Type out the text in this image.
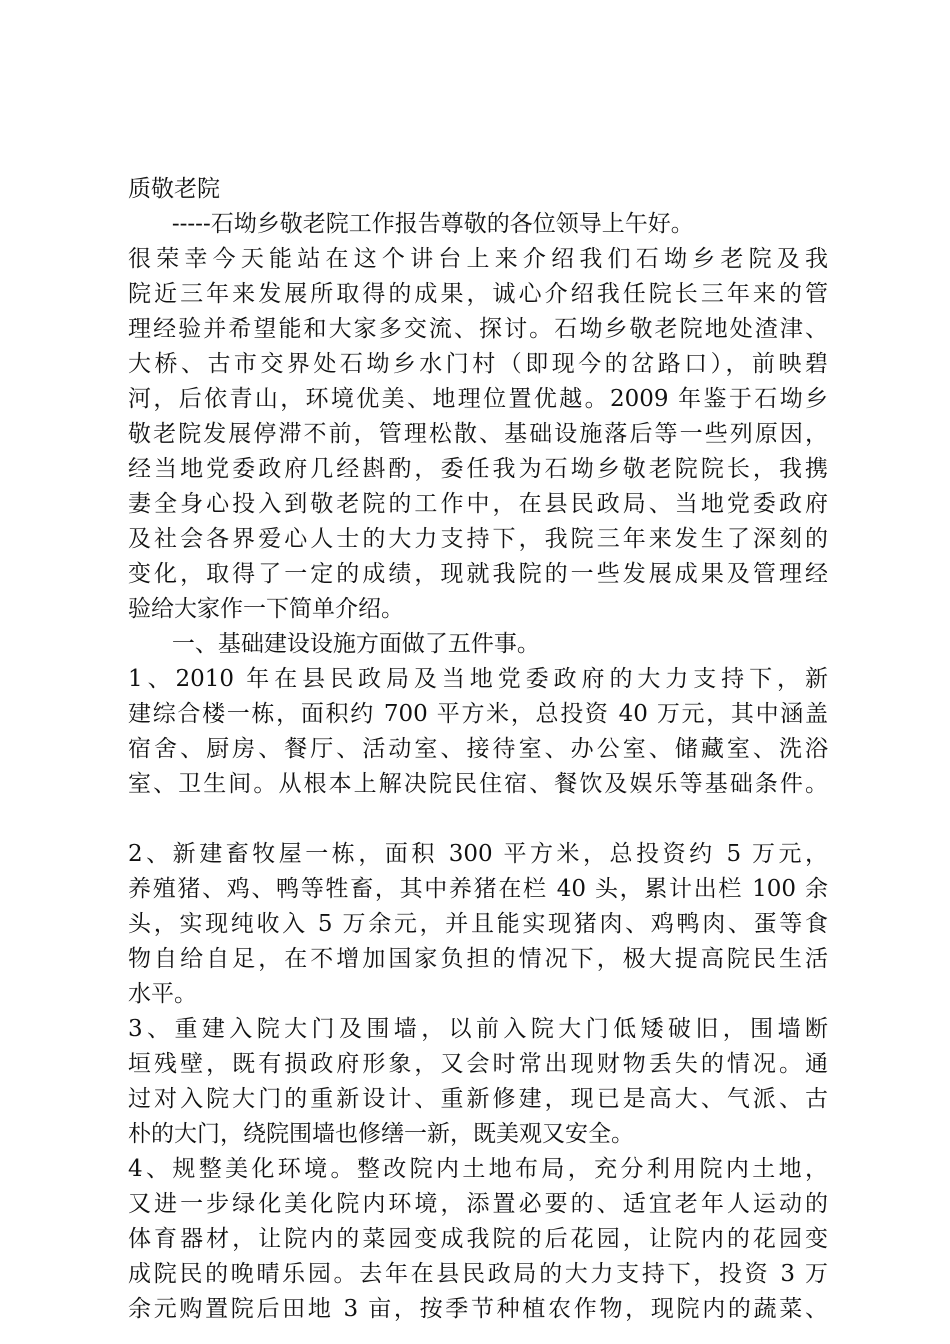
质敬老院
-----石坳乡敬老院工作报告尊敬的各位领导上午好。
很荣幸今天能站在这个讲台上来介绍我们石坳乡老院及我
院近三年来发展所取得的成果，诚心介绍我任院长三年来的管
理经验并希望能和大家多交流、探讨。石坳乡敬老院地处渣津、
大桥、古市交界处石坳乡水门村（即现今的岔路口），前映碧
河，后依青山，环境优美、地理位置优越。2009 年鉴于石坳乡
敬老院发展停滞不前，管理松散、基础设施落后等一些列原因，
经当地党委政府几经斟酌，委任我为石坳乡敬老院院长，我携
妻全身心投入到敬老院的工作中，在县民政局、当地党委政府
及社会各界爱心人士的大力支持下，我院三年来发生了深刻的
变化，取得了一定的成绩，现就我院的一些发展成果及管理经
验给大家作一下简单介绍。
一、基础建设设施方面做了五件事。
1、2010 年在县民政局及当地党委政府的大力支持下，新
建综合楼一栋，面积约 700 平方米，总投资 40 万元，其中涵盖
宿舍、厨房、餐厅、活动室、接待室、办公室、储藏室、洗浴
室、卫生间。从根本上解决院民住宿、餐饮及娱乐等基础条件。
2、新建畜牧屋一栋，面积 300 平方米，总投资约 5 万元，
养殖猪、鸡、鸭等牲畜，其中养猪在栏 40 头，累计出栏 100 余
头，实现纯收入 5 万余元，并且能实现猪肉、鸡鸭肉、蛋等食
物自给自足，在不增加国家负担的情况下，极大提高院民生活
水平。
3、重建入院大门及围墙，以前入院大门低矮破旧，围墙断
垣残壁，既有损政府形象，又会时常出现财物丢失的情况。通
过对入院大门的重新设计、重新修建，现已是高大、气派、古
朴的大门，绕院围墙也修缮一新，既美观又安全。
4、规整美化环境。整改院内土地布局，充分利用院内土地，
又进一步绿化美化院内环境，添置必要的、适宜老年人运动的
体育器材，让院内的菜园变成我院的后花园，让院内的花园变
成院民的晚晴乐园。去年在县民政局的大力支持下，投资 3 万
余元购置院后田地 3 亩，按季节种植农作物，现院内的蔬菜、
